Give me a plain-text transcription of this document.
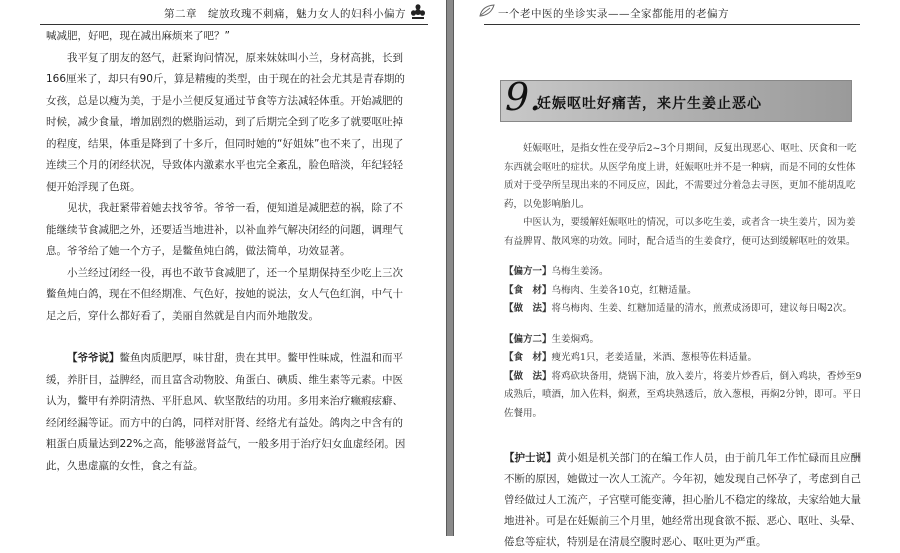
第二章　绽放玫瑰不刺痛，魅力女人的妇科小偏方

喊减肥，好吧，现在减出麻烦来了吧？”

我平复了朋友的怒气，赶紧询问情况，原来妹妹叫小兰，身材高挑，长到166厘米了，却只有90斤，算是精瘦的类型，由于现在的社会尤其是青春期的女孩，总是以瘦为美，于是小兰便反复通过节食等方法减轻体重。开始减肥的时候，减少食量，增加剧烈的燃脂运动，到了后期完全到了吃多了就要呕吐掉的程度，结果，体重是降到了十多斤，但同时她的“好姐妹”也不来了，出现了连续三个月的闭经状况，导致体内激素水平也完全紊乱，脸色暗淡，年纪轻轻便开始浮现了色斑。

见状，我赶紧带着她去找爷爷。爷爷一看，便知道是减肥惹的祸，除了不能继续节食减肥之外，还要适当地进补，以补血养气解决闭经的问题，调理气息。爷爷给了她一个方子，是鳖鱼炖白鸽，做法简单，功效显著。

小兰经过闭经一役，再也不敢节食减肥了，还一个星期保持至少吃上三次鳖鱼炖白鸽，现在不但经期准、气色好，按她的说法，女人气色红润，中气十足之后，穿什么都好看了，美丽自然就是自内而外地散发。

【爷爷说】鳖鱼肉质肥厚，味甘甜，贵在其甲。鳖甲性味咸，性温和而平缓，养肝目，益脾经，而且富含动物胶、角蛋白、碘质、维生素等元素。中医认为，鳖甲有养阴清热、平肝息风、软坚散结的功用。多用来治疗癥瘕痃癖、经闭经漏等证。而方中的白鸽，同样对肝肾、经络尤有益处。鸽肉之中含有的粗蛋白质量达到22%之高，能够滋肾益气，一般多用于治疗妇女血虚经闭。因此，久患虚羸的女性，食之有益。

一个老中医的坐诊实录——全家都能用的老偏方
9.
妊娠呕吐好痛苦，来片生姜止恶心

妊娠呕吐，是指女性在受孕后2~3个月期间，反复出现恶心、呕吐、厌食和一吃东西就会呕吐的症状。从医学角度上讲，妊娠呕吐并不是一种病，而是不同的女性体质对于受孕所呈现出来的不同反应，因此，不需要过分着急去寻医，更加不能胡乱吃药，以免影响胎儿。

中医认为，要缓解妊娠呕吐的情况，可以多吃生姜，或者含一块生姜片，因为姜有益脾胃、散风寒的功效。同时，配合适当的生姜食疗，便可达到缓解呕吐的效果。

【偏方一】乌梅生姜汤。

【食　材】乌梅肉、生姜各10克，红糖适量。

【做　法】将乌梅肉、生姜、红糖加适量的清水，煎煮成汤即可，建议每日喝2次。

【偏方二】生姜焖鸡。

【食　材】瘦光鸡1只，老姜适量，米酒、葱根等佐料适量。

【做　法】将鸡砍块备用，烧锅下油，放入姜片，将姜片炒香后，倒入鸡块，香炒至9成熟后，喷酒，加入佐料，焖煮，至鸡块熟透后，放入葱根，再焖2分钟，即可。平日佐餐用。

【护士说】黄小姐是机关部门的在编工作人员，由于前几年工作忙碌而且应酬不断的原因，她做过一次人工流产。今年初，她发现自己怀孕了，考虑到自己曾经做过人工流产，子宫壁可能变薄，担心胎儿不稳定的缘故，夫家给她大量地进补。可是在妊娠前三个月里，她经常出现食欲不振、恶心、呕吐、头晕、倦怠等症状，特别是在清晨空腹时恶心、呕吐更为严重。
